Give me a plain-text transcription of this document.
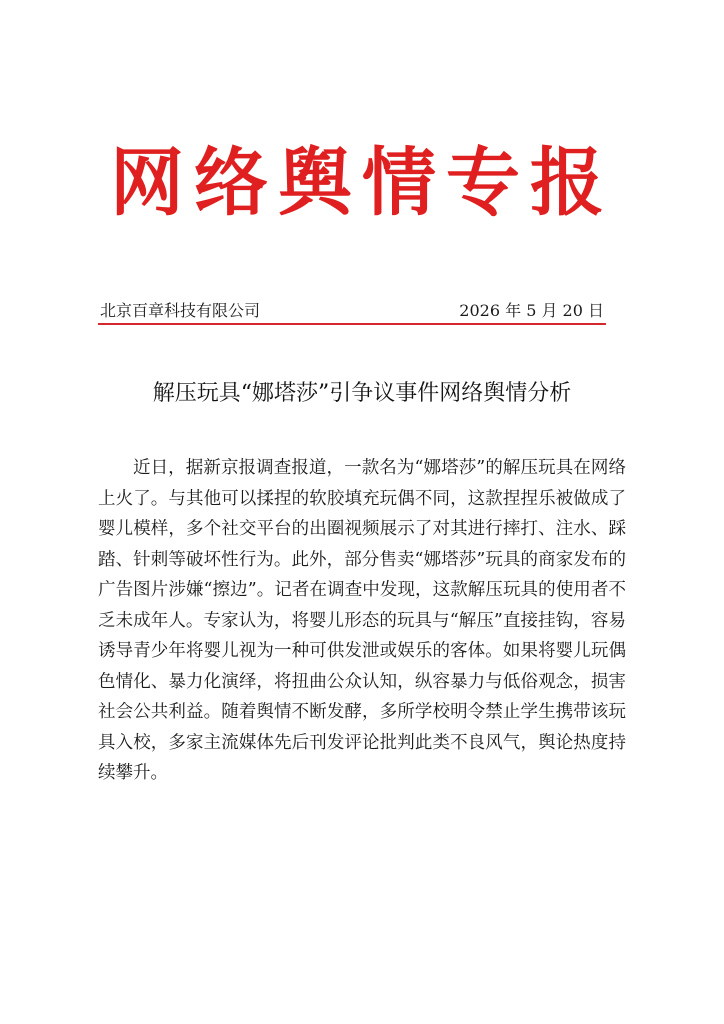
网络舆情专报
北京百章科技有限公司	2026 年 5 月 20 日
解压玩具“娜塔莎”引争议事件网络舆情分析
近日，据新京报调查报道，一款名为“娜塔莎”的解压玩具在网络上火了。与其他可以揉捏的软胶填充玩偶不同，这款捏捏乐被做成了婴儿模样，多个社交平台的出圈视频展示了对其进行摔打、注水、踩踏、针刺等破坏性行为。此外，部分售卖“娜塔莎”玩具的商家发布的广告图片涉嫌“擦边”。记者在调查中发现，这款解压玩具的使用者不乏未成年人。专家认为，将婴儿形态的玩具与“解压”直接挂钩，容易诱导青少年将婴儿视为一种可供发泄或娱乐的客体。如果将婴儿玩偶色情化、暴力化演绎，将扭曲公众认知，纵容暴力与低俗观念，损害社会公共利益。随着舆情不断发酵，多所学校明令禁止学生携带该玩具入校，多家主流媒体先后刊发评论批判此类不良风气，舆论热度持续攀升。
